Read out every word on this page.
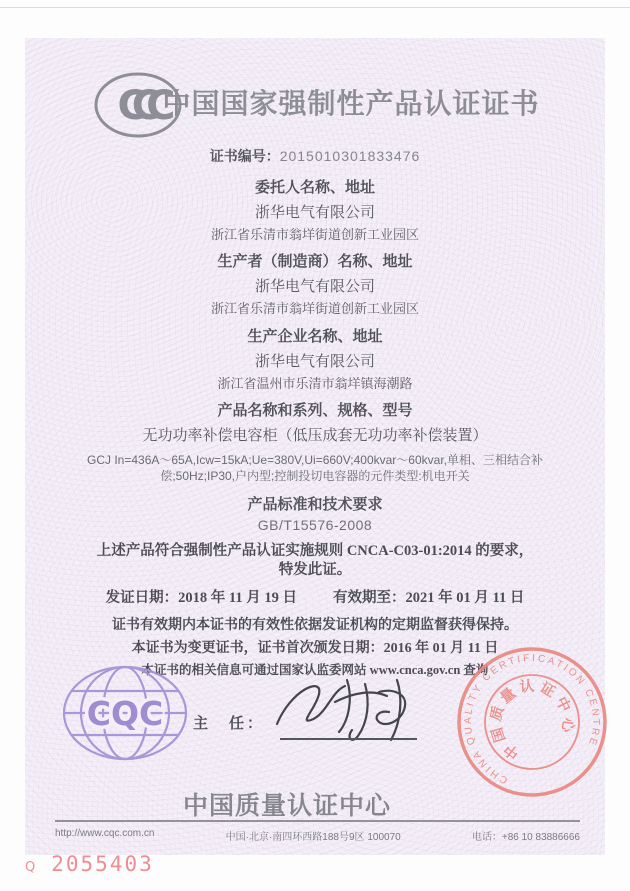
CCC 中国国家强制性产品认证证书
证书编号：2015010301833476
委托人名称、地址
浙华电气有限公司
浙江省乐清市翁垟街道创新工业园区
生产者（制造商）名称、地址
浙华电气有限公司
浙江省乐清市翁垟街道创新工业园区
生产企业名称、地址
浙华电气有限公司
浙江省温州市乐清市翁垟镇海潮路
产品名称和系列、规格、型号
无功功率补偿电容柜（低压成套无功功率补偿装置）
GCJ In=436A～65A,Icw=15kA;Ue=380V,Ui=660V;400kvar～60kvar,单相、三相结合补
偿;50Hz;IP30,户内型;控制投切电容器的元件类型:机电开关
产品标准和技术要求
GB/T15576-2008
上述产品符合强制性产品认证实施规则 CNCA-C03-01:2014 的要求，
特发此证。
发证日期：2018 年 11 月 19 日 有效期至：2021 年 01 月 11 日
证书有效期内本证书的有效性依据发证机构的定期监督获得保持。
本证书为变更证书，证书首次颁发日期：2016 年 01 月 11 日
本证书的相关信息可通过国家认监委网站 www.cnca.gov.cn 查询
CQC 主　任：
CHINA QUALITY CERTIFICATION CENTRE
中国质量认证中心
中国质量认证中心
http://www.cqc.com.cn	中国·北京·南四环西路188号9区 100070	电话：+86 10 83886666
Q 2055403
